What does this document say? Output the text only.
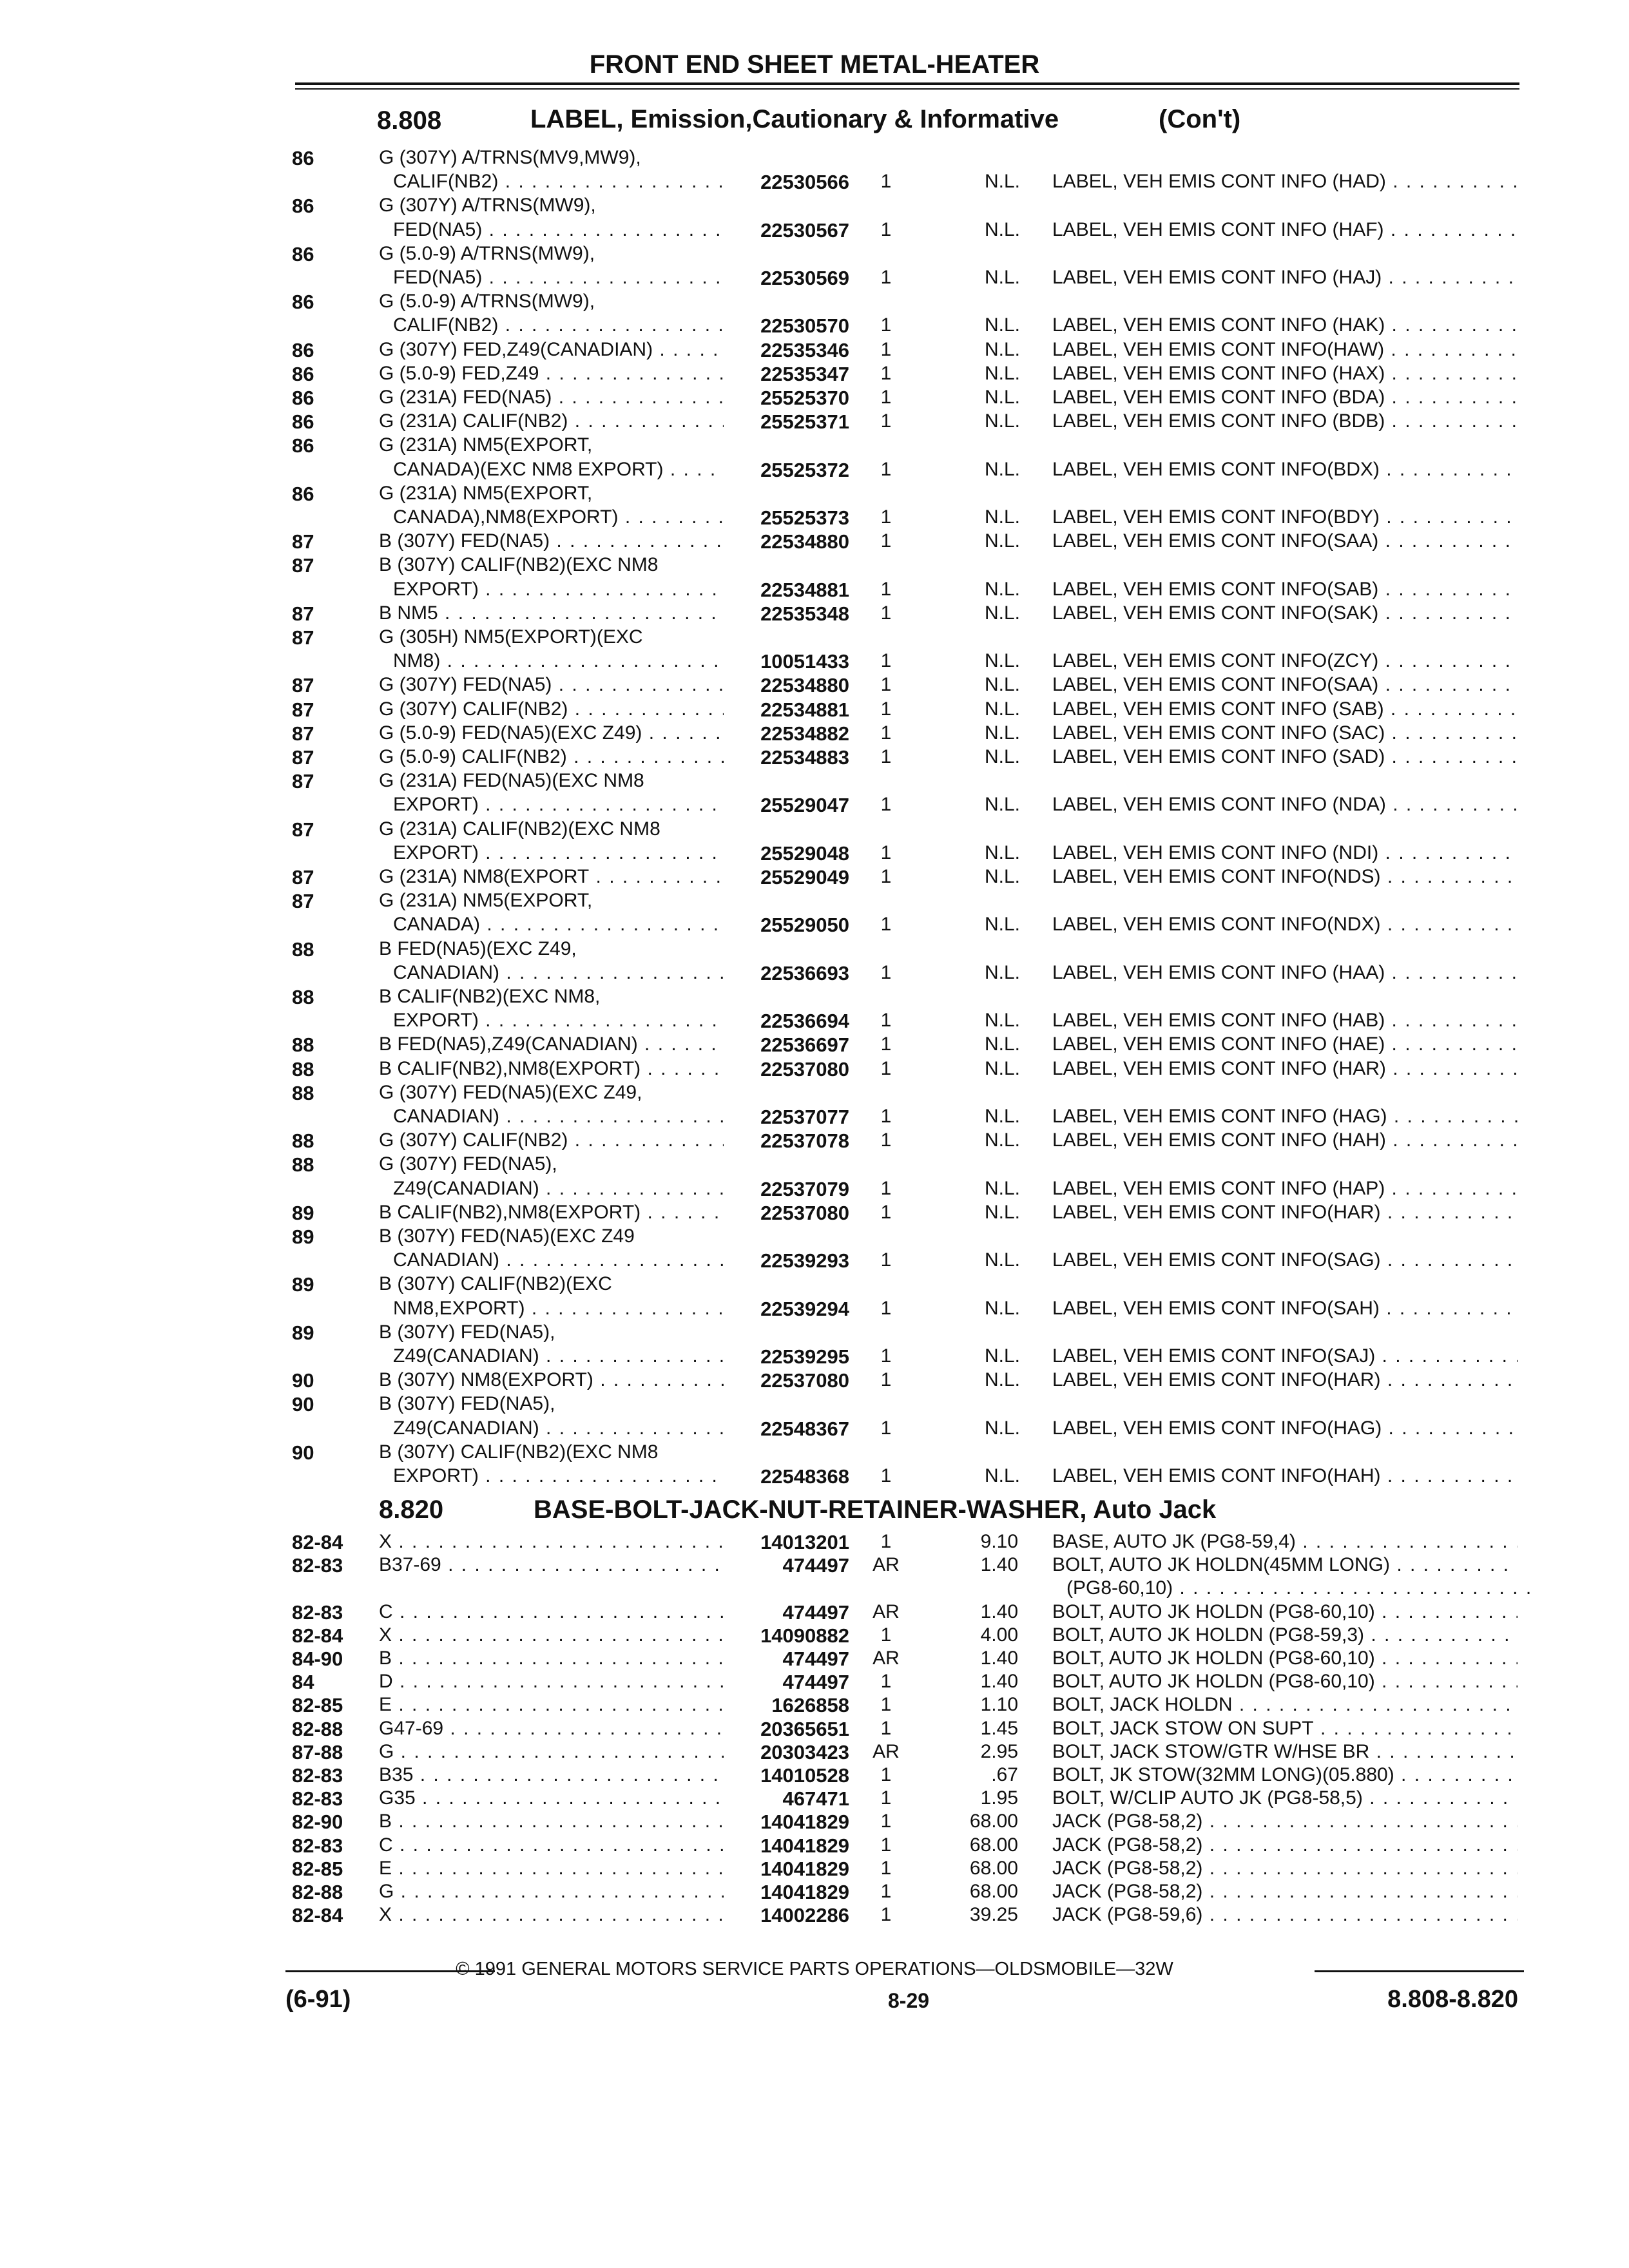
FRONT END SHEET METAL-HEATER
8.808	LABEL, Emission,Cautionary & Informative	(Con't)
86	G (307Y) A/TRNS(MV9,MW9),
CALIF(NB2) . . .	22530566	1	N.L. LABEL, VEH EMIS CONT INFO (HAD) . . .
86	G (307Y) A/TRNS(MW9),
FED(NA5) . . .	22530567	1	N.L. LABEL, VEH EMIS CONT INFO (HAF) . . .
86	G (5.0-9) A/TRNS(MW9),
FED(NA5) . . .	22530569	1	N.L. LABEL, VEH EMIS CONT INFO (HAJ) . . .
86	G (5.0-9) A/TRNS(MW9),
CALIF(NB2) . . .	22530570	1	N.L. LABEL, VEH EMIS CONT INFO (HAK) . . .
86	G (307Y) FED,Z49(CANADIAN) . . .	22535346	1	N.L. LABEL, VEH EMIS CONT INFO(HAW) . . .
86	G (5.0-9) FED,Z49 . . .	22535347	1	N.L. LABEL, VEH EMIS CONT INFO (HAX) . . .
86	G (231A) FED(NA5) . . .	25525370	1	N.L. LABEL, VEH EMIS CONT INFO (BDA) . . .
86	G (231A) CALIF(NB2) . . .	25525371	1	N.L. LABEL, VEH EMIS CONT INFO (BDB) . . .
86	G (231A) NM5(EXPORT,
CANADA)(EXC NM8 EXPORT) . . .	25525372	1	N.L. LABEL, VEH EMIS CONT INFO(BDX) . . .
86	G (231A) NM5(EXPORT,
CANADA),NM8(EXPORT) . . .	25525373	1	N.L. LABEL, VEH EMIS CONT INFO(BDY) . . .
87	B (307Y) FED(NA5) . . .	22534880	1	N.L. LABEL, VEH EMIS CONT INFO(SAA) . . .
87	B (307Y) CALIF(NB2)(EXC NM8
EXPORT) . . .	22534881	1	N.L. LABEL, VEH EMIS CONT INFO(SAB) . . .
87	B NM5 . . .	22535348	1	N.L. LABEL, VEH EMIS CONT INFO(SAK) . . .
87	G (305H) NM5(EXPORT)(EXC
NM8) . . .	10051433	1	N.L. LABEL, VEH EMIS CONT INFO(ZCY) . . .
87	G (307Y) FED(NA5) . . .	22534880	1	N.L. LABEL, VEH EMIS CONT INFO(SAA) . . .
87	G (307Y) CALIF(NB2) . . .	22534881	1	N.L. LABEL, VEH EMIS CONT INFO (SAB) . . .
87	G (5.0-9) FED(NA5)(EXC Z49) . . .	22534882	1	N.L. LABEL, VEH EMIS CONT INFO (SAC) . . .
87	G (5.0-9) CALIF(NB2) . . .	22534883	1	N.L. LABEL, VEH EMIS CONT INFO (SAD) . . .
87	G (231A) FED(NA5)(EXC NM8
EXPORT) . . .	25529047	1	N.L. LABEL, VEH EMIS CONT INFO (NDA) . . .
87	G (231A) CALIF(NB2)(EXC NM8
EXPORT) . . .	25529048	1	N.L. LABEL, VEH EMIS CONT INFO (NDI) . . .
87	G (231A) NM8(EXPORT . . .	25529049	1	N.L. LABEL, VEH EMIS CONT INFO(NDS) . . .
87	G (231A) NM5(EXPORT,
CANADA) . . .	25529050	1	N.L. LABEL, VEH EMIS CONT INFO(NDX) . . .
88	B FED(NA5)(EXC Z49,
CANADIAN) . . .	22536693	1	N.L. LABEL, VEH EMIS CONT INFO (HAA) . . .
88	B CALIF(NB2)(EXC NM8,
EXPORT) . . .	22536694	1	N.L. LABEL, VEH EMIS CONT INFO (HAB) . . .
88	B FED(NA5),Z49(CANADIAN) . . .	22536697	1	N.L. LABEL, VEH EMIS CONT INFO (HAE) . . .
88	B CALIF(NB2),NM8(EXPORT) . . .	22537080	1	N.L. LABEL, VEH EMIS CONT INFO (HAR) . . .
88	G (307Y) FED(NA5)(EXC Z49,
CANADIAN) . . .	22537077	1	N.L. LABEL, VEH EMIS CONT INFO (HAG) . . .
88	G (307Y) CALIF(NB2) . . .	22537078	1	N.L. LABEL, VEH EMIS CONT INFO (HAH) . . .
88	G (307Y) FED(NA5),
Z49(CANADIAN) . . .	22537079	1	N.L. LABEL, VEH EMIS CONT INFO (HAP) . . .
89	B CALIF(NB2),NM8(EXPORT) . . .	22537080	1	N.L. LABEL, VEH EMIS CONT INFO(HAR) . . .
89	B (307Y) FED(NA5)(EXC Z49
CANADIAN) . . .	22539293	1	N.L. LABEL, VEH EMIS CONT INFO(SAG) . . .
89	B (307Y) CALIF(NB2)(EXC
NM8,EXPORT) . . .	22539294	1	N.L. LABEL, VEH EMIS CONT INFO(SAH) . . .
89	B (307Y) FED(NA5),
Z49(CANADIAN) . . .	22539295	1	N.L. LABEL, VEH EMIS CONT INFO(SAJ) . . .
90	B (307Y) NM8(EXPORT) . . .	22537080	1	N.L. LABEL, VEH EMIS CONT INFO(HAR) . . .
90	B (307Y) FED(NA5),
Z49(CANADIAN) . . .	22548367	1	N.L. LABEL, VEH EMIS CONT INFO(HAG) . . .
90	B (307Y) CALIF(NB2)(EXC NM8
EXPORT) . . .	22548368	1	N.L. LABEL, VEH EMIS CONT INFO(HAH) . . .
8.820	BASE-BOLT-JACK-NUT-RETAINER-WASHER, Auto Jack
82-84 X . . .	14013201	1	9.10 BASE, AUTO JK (PG8-59,4) . . .
82-83 B37-69 . . .	474497	AR	1.40 BOLT, AUTO JK HOLDN(45MM LONG) . . .
(PG8-60,10) . . .
82-83 C . . .	474497	AR	1.40 BOLT, AUTO JK HOLDN (PG8-60,10) . . .
82-84 X . . .	14090882	1	4.00 BOLT, AUTO JK HOLDN (PG8-59,3) . . .
84-90 B . . .	474497	AR	1.40 BOLT, AUTO JK HOLDN (PG8-60,10) . . .
84	D . . .	474497	1	1.40 BOLT, AUTO JK HOLDN (PG8-60,10) . . .
82-85 E . . .	1626858	1	1.10 BOLT, JACK HOLDN . . .
82-88 G47-69 . . .	20365651	1	1.45 BOLT, JACK STOW ON SUPT . . .
87-88 G . . .	20303423	AR	2.95 BOLT, JACK STOW/GTR W/HSE BR . . .
82-83 B35 . . .	14010528	1	.67 BOLT, JK STOW(32MM LONG)(05.880) . . .
82-83 G35 . . .	467471	1	1.95 BOLT, W/CLIP AUTO JK (PG8-58,5) . . .
82-90 B . . .	14041829	1	68.00 JACK (PG8-58,2) . . .
82-83 C . . .	14041829	1	68.00 JACK (PG8-58,2) . . .
82-85 E . . .	14041829	1	68.00 JACK (PG8-58,2) . . .
82-88 G . . .	14041829	1	68.00 JACK (PG8-58,2) . . .
82-84 X . . .	14002286	1	39.25 JACK (PG8-59,6) . . .
© 1991 GENERAL MOTORS SERVICE PARTS OPERATIONS—OLDSMOBILE—32W
(6-91)	8-29	8.808-8.820
